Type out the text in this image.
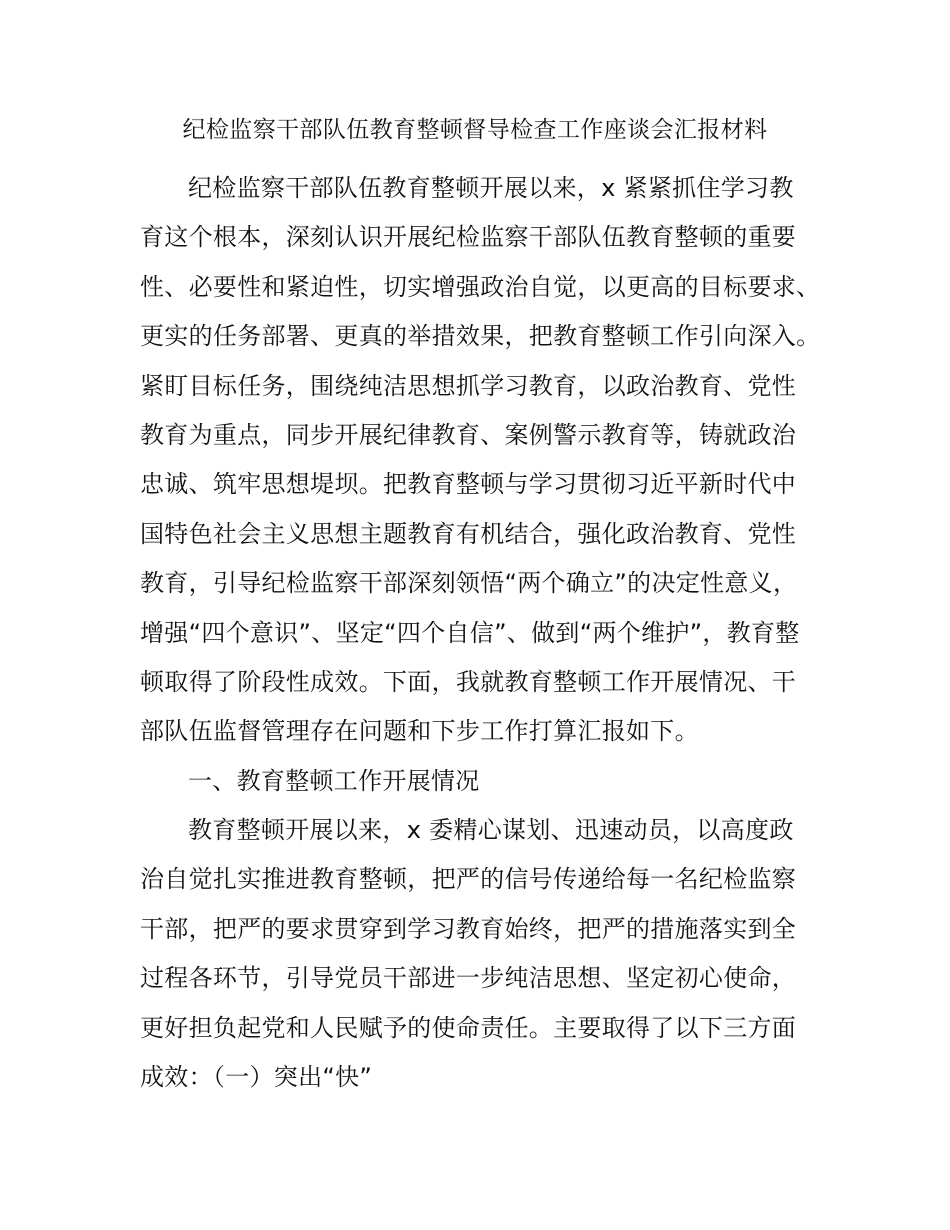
纪检监察干部队伍教育整顿督导检查工作座谈会汇报材料
纪检监察干部队伍教育整顿开展以来，x 紧紧抓住学习教
育这个根本，深刻认识开展纪检监察干部队伍教育整顿的重要
性、必要性和紧迫性，切实增强政治自觉，以更高的目标要求、
更实的任务部署、更真的举措效果，把教育整顿工作引向深入。
紧盯目标任务，围绕纯洁思想抓学习教育，以政治教育、党性
教育为重点，同步开展纪律教育、案例警示教育等，铸就政治
忠诚、筑牢思想堤坝。把教育整顿与学习贯彻习近平新时代中
国特色社会主义思想主题教育有机结合，强化政治教育、党性
教育，引导纪检监察干部深刻领悟“两个确立”的决定性意义，
增强“四个意识”、坚定“四个自信”、做到“两个维护”，教育整
顿取得了阶段性成效。下面，我就教育整顿工作开展情况、干
部队伍监督管理存在问题和下步工作打算汇报如下。
一、教育整顿工作开展情况
教育整顿开展以来，x 委精心谋划、迅速动员，以高度政
治自觉扎实推进教育整顿，把严的信号传递给每一名纪检监察
干部，把严的要求贯穿到学习教育始终，把严的措施落实到全
过程各环节，引导党员干部进一步纯洁思想、坚定初心使命，
更好担负起党和人民赋予的使命责任。主要取得了以下三方面
成效：（一）突出“快”
